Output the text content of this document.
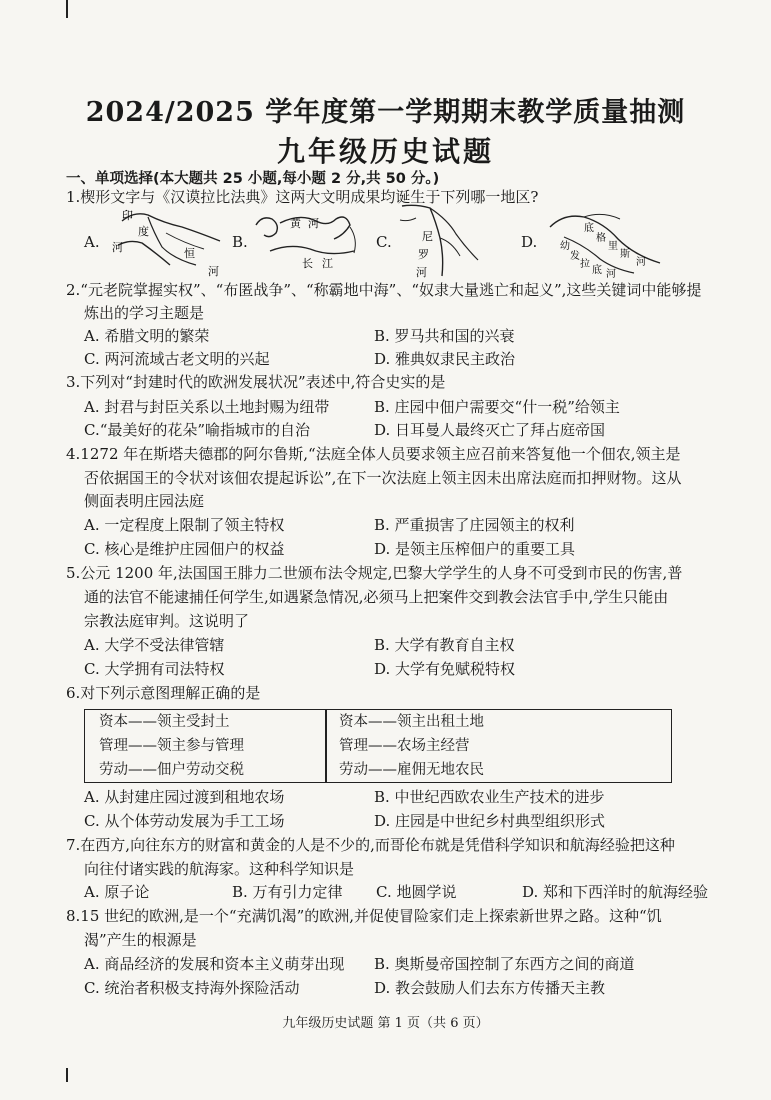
2024/2025 学年度第一学期期末教学质量抽测
九年级历史试题
一、单项选择(本大题共 25 小题,每小题 2 分,共 50 分。)
1.楔形文字与《汉谟拉比法典》这两大文明成果均诞生于下列哪一地区?
A.	B.	C.	D.
印
度
河	恒
河
黄 河
长 江
尼
罗
河
底
格
里
斯
河
幼
发
拉
底 河
2.“元老院掌握实权”、“布匿战争”、“称霸地中海”、“奴隶大量逃亡和起义”,这些关键词中能够提
炼出的学习主题是
A. 希腊文明的繁荣	B. 罗马共和国的兴衰
C. 两河流域古老文明的兴起	D. 雅典奴隶民主政治
3.下列对“封建时代的欧洲发展状况”表述中,符合史实的是
A. 封君与封臣关系以土地封赐为纽带	B. 庄园中佃户需要交“什一税”给领主
C.“最美好的花朵”喻指城市的自治	D. 日耳曼人最终灭亡了拜占庭帝国
4.1272 年在斯塔夫德郡的阿尔鲁斯,“法庭全体人员要求领主应召前来答复他一个佃农,领主是
否依据国王的令状对该佃农提起诉讼”,在下一次法庭上领主因未出席法庭而扣押财物。这从
侧面表明庄园法庭
A. 一定程度上限制了领主特权	B. 严重损害了庄园领主的权利
C. 核心是维护庄园佃户的权益	D. 是领主压榨佃户的重要工具
5.公元 1200 年,法国国王腓力二世颁布法令规定,巴黎大学学生的人身不可受到市民的伤害,普
通的法官不能逮捕任何学生,如遇紧急情况,必须马上把案件交到教会法官手中,学生只能由
宗教法庭审判。这说明了
A. 大学不受法律管辖	B. 大学有教育自主权
C. 大学拥有司法特权	D. 大学有免赋税特权
6.对下列示意图理解正确的是
资本——领主受封土
管理——领主参与管理
劳动——佃户劳动交税
资本——领主出租土地
管理——农场主经营
劳动——雇佣无地农民
A. 从封建庄园过渡到租地农场	B. 中世纪西欧农业生产技术的进步
C. 从个体劳动发展为手工工场	D. 庄园是中世纪乡村典型组织形式
7.在西方,向往东方的财富和黄金的人是不少的,而哥伦布就是凭借科学知识和航海经验把这种
向往付诸实践的航海家。这种科学知识是
A. 原子论	B. 万有引力定律 C. 地圆学说	D. 郑和下西洋时的航海经验
8.15 世纪的欧洲,是一个“充满饥渴”的欧洲,并促使冒险家们走上探索新世界之路。这种“饥
渴”产生的根源是
A. 商品经济的发展和资本主义萌芽出现 B. 奥斯曼帝国控制了东西方之间的商道
C. 统治者积极支持海外探险活动	D. 教会鼓励人们去东方传播天主教
九年级历史试题 第 1 页（共 6 页）
